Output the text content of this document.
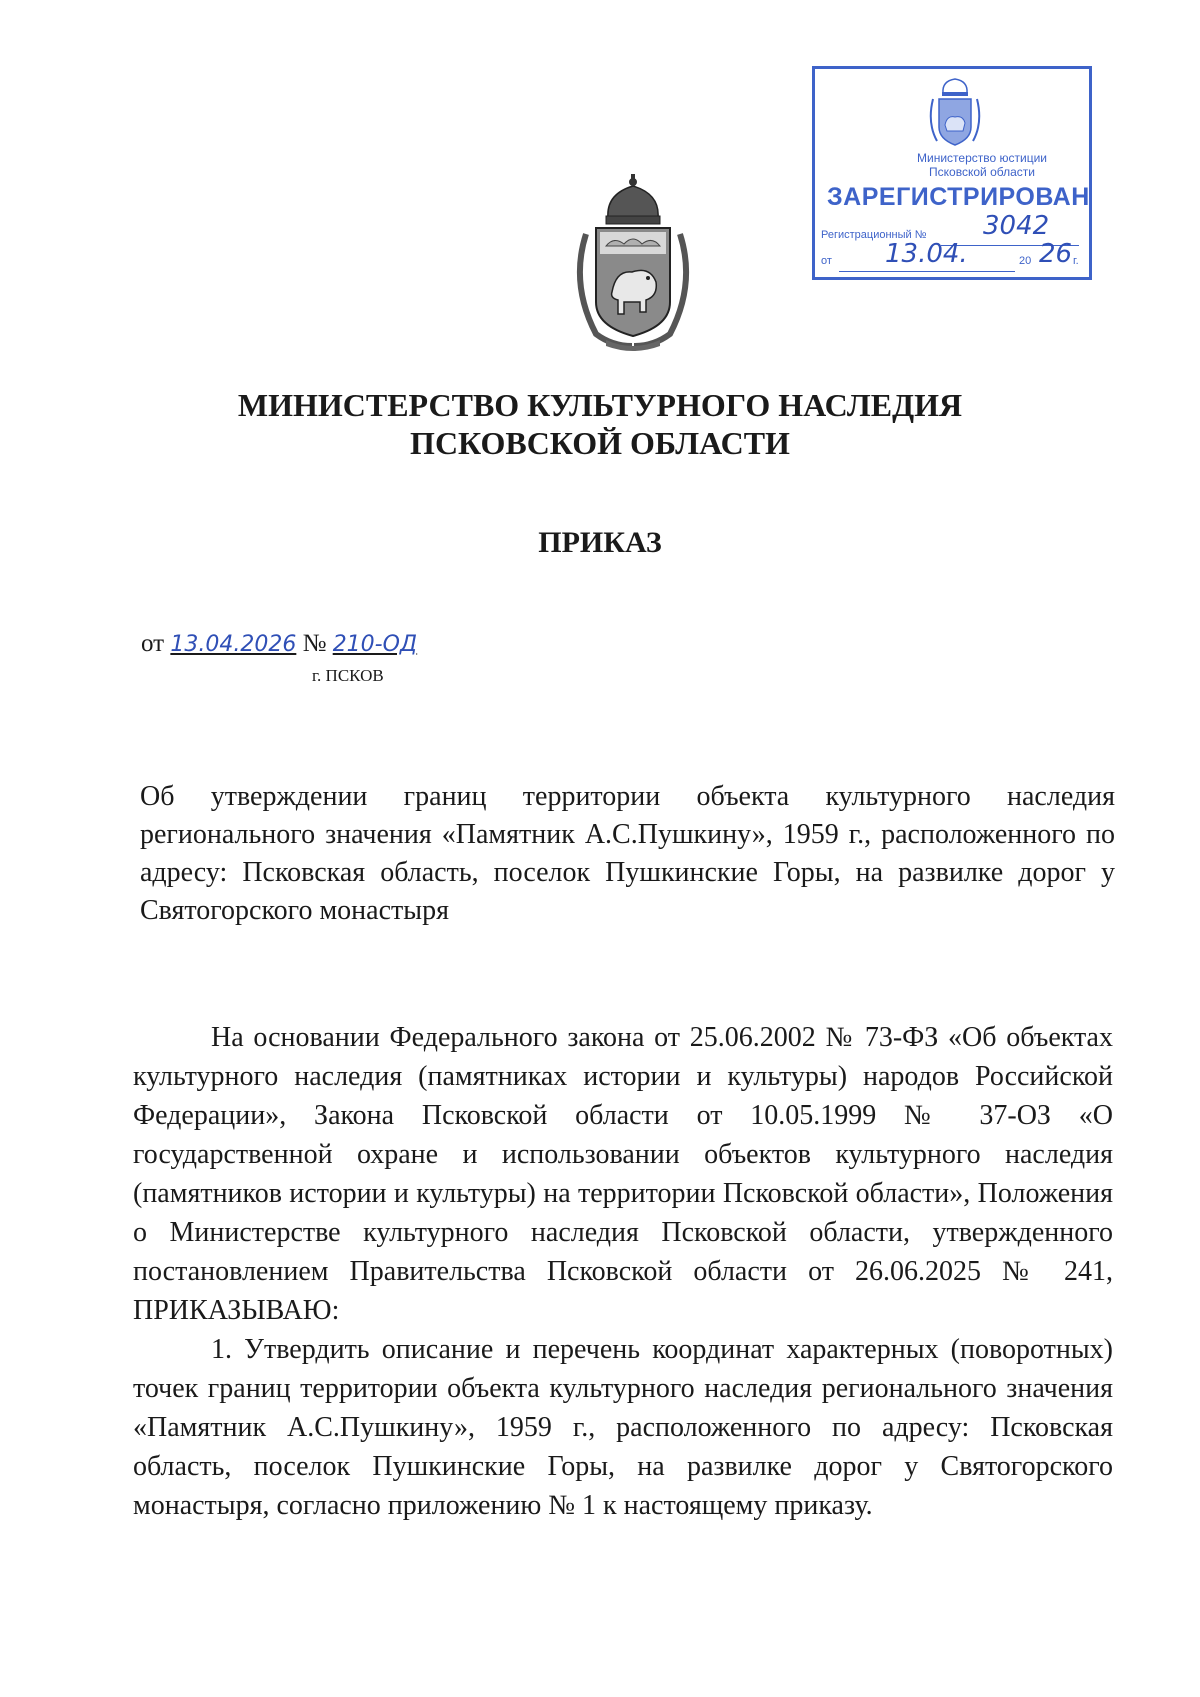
Министерство юстиции
Псковской области
ЗАРЕГИСТРИРОВАН
Регистрационный № 3042
от 13.04.	20 26 г.
МИНИСТЕРСТВО КУЛЬТУРНОГО НАСЛЕДИЯ
ПСКОВСКОЙ ОБЛАСТИ
ПРИКАЗ
от 13.04.2026 № 210-ОД
г. ПСКОВ
Об утверждении границ территории объекта культурного наследия регионального значения «Памятник А.С.Пушкину», 1959 г., расположенного по адресу: Псковская область, поселок Пушкинские Горы, на развилке дорог у Святогорского монастыря

На основании Федерального закона от 25.06.2002 № 73-ФЗ «Об объектах культурного наследия (памятниках истории и культуры) народов Российской Федерации», Закона Псковской области от 10.05.1999 № 37-ОЗ «О государственной охране и использовании объектов культурного наследия (памятников истории и культуры) на территории Псковской области», Положения о Министерстве культурного наследия Псковской области, утвержденного постановлением Правительства Псковской области от 26.06.2025 № 241, ПРИКАЗЫВАЮ:

1. Утвердить описание и перечень координат характерных (поворотных) точек границ территории объекта культурного наследия регионального значения «Памятник А.С.Пушкину», 1959 г., расположенного по адресу: Псковская область, поселок Пушкинские Горы, на развилке дорог у Святогорского монастыря, согласно приложению № 1 к настоящему приказу.
